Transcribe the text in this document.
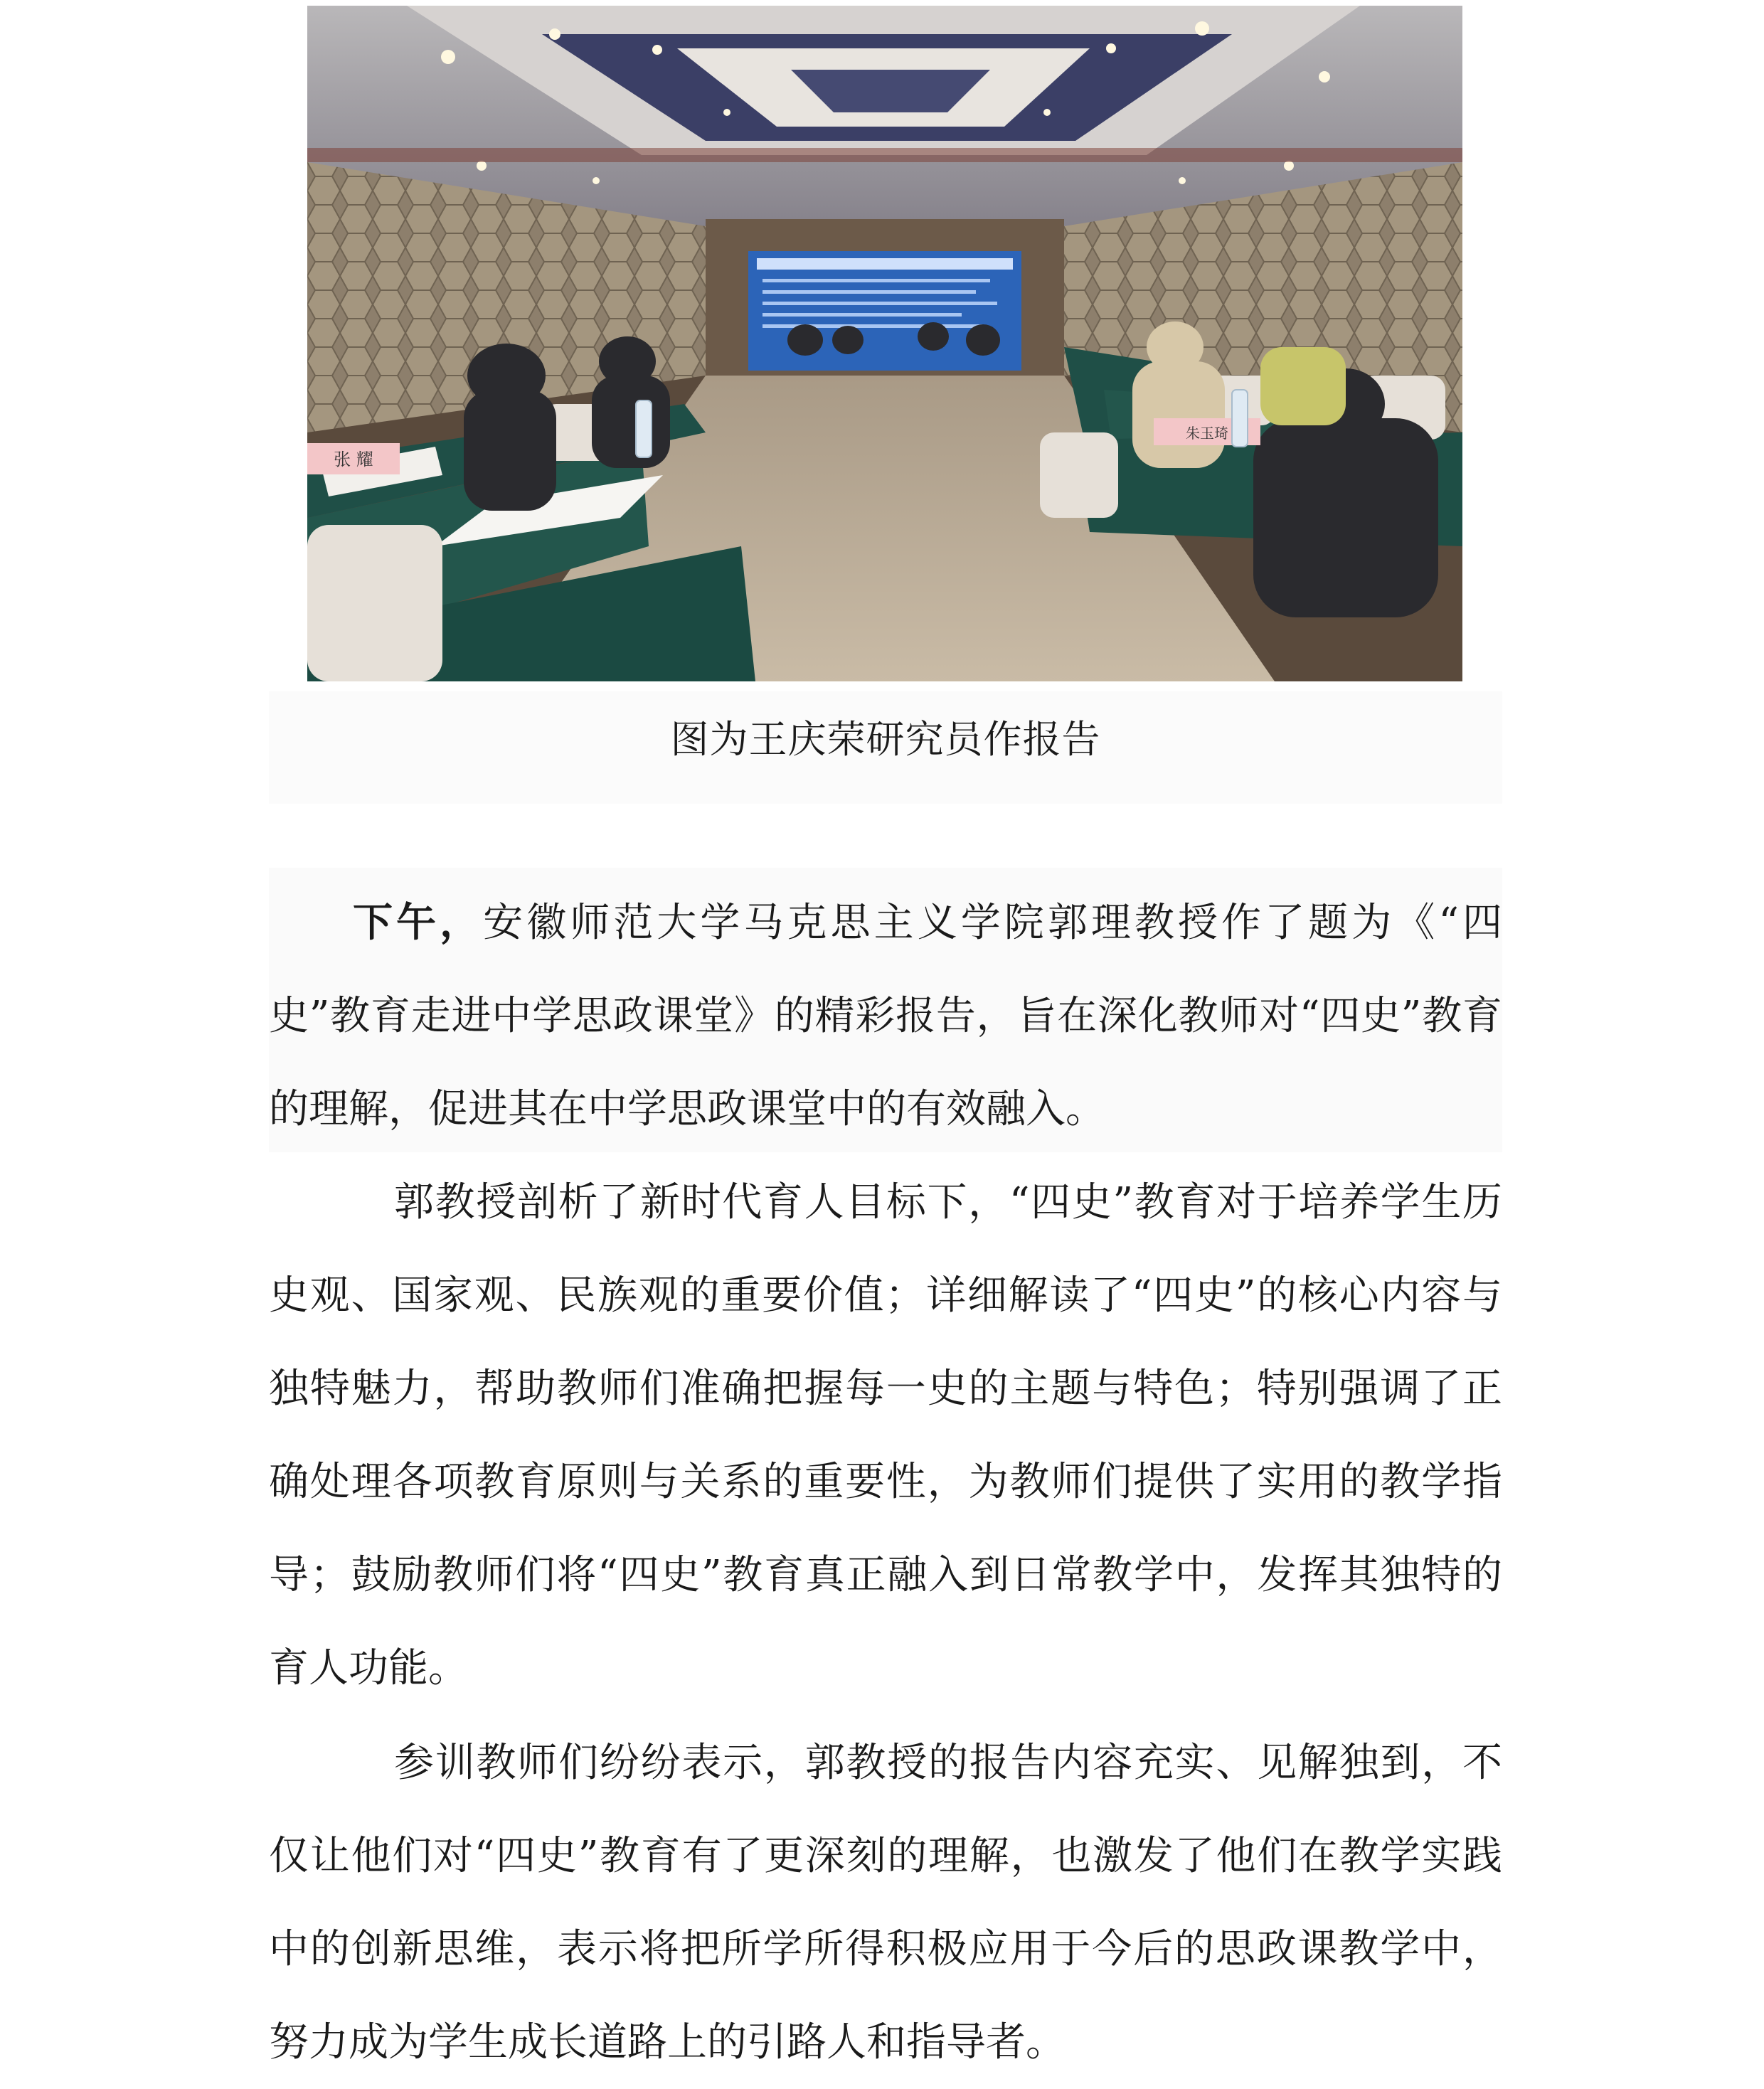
朱玉琦
张 耀
图为王庆荣研究员作报告

下午，安徽师范大学马克思主义学院郭理教授作了题为《“四史”教育走进中学思政课堂》的精彩报告，旨在深化教师对“四史”教育的理解，促进其在中学思政课堂中的有效融入。

郭教授剖析了新时代育人目标下，“四史”教育对于培养学生历史观、国家观、民族观的重要价值；详细解读了“四史”的核心内容与独特魅力，帮助教师们准确把握每一史的主题与特色；特别强调了正确处理各项教育原则与关系的重要性，为教师们提供了实用的教学指导；鼓励教师们将“四史”教育真正融入到日常教学中，发挥其独特的育人功能。

参训教师们纷纷表示，郭教授的报告内容充实、见解独到，不仅让他们对“四史”教育有了更深刻的理解，也激发了他们在教学实践中的创新思维，表示将把所学所得积极应用于今后的思政课教学中，努力成为学生成长道路上的引路人和指导者。
